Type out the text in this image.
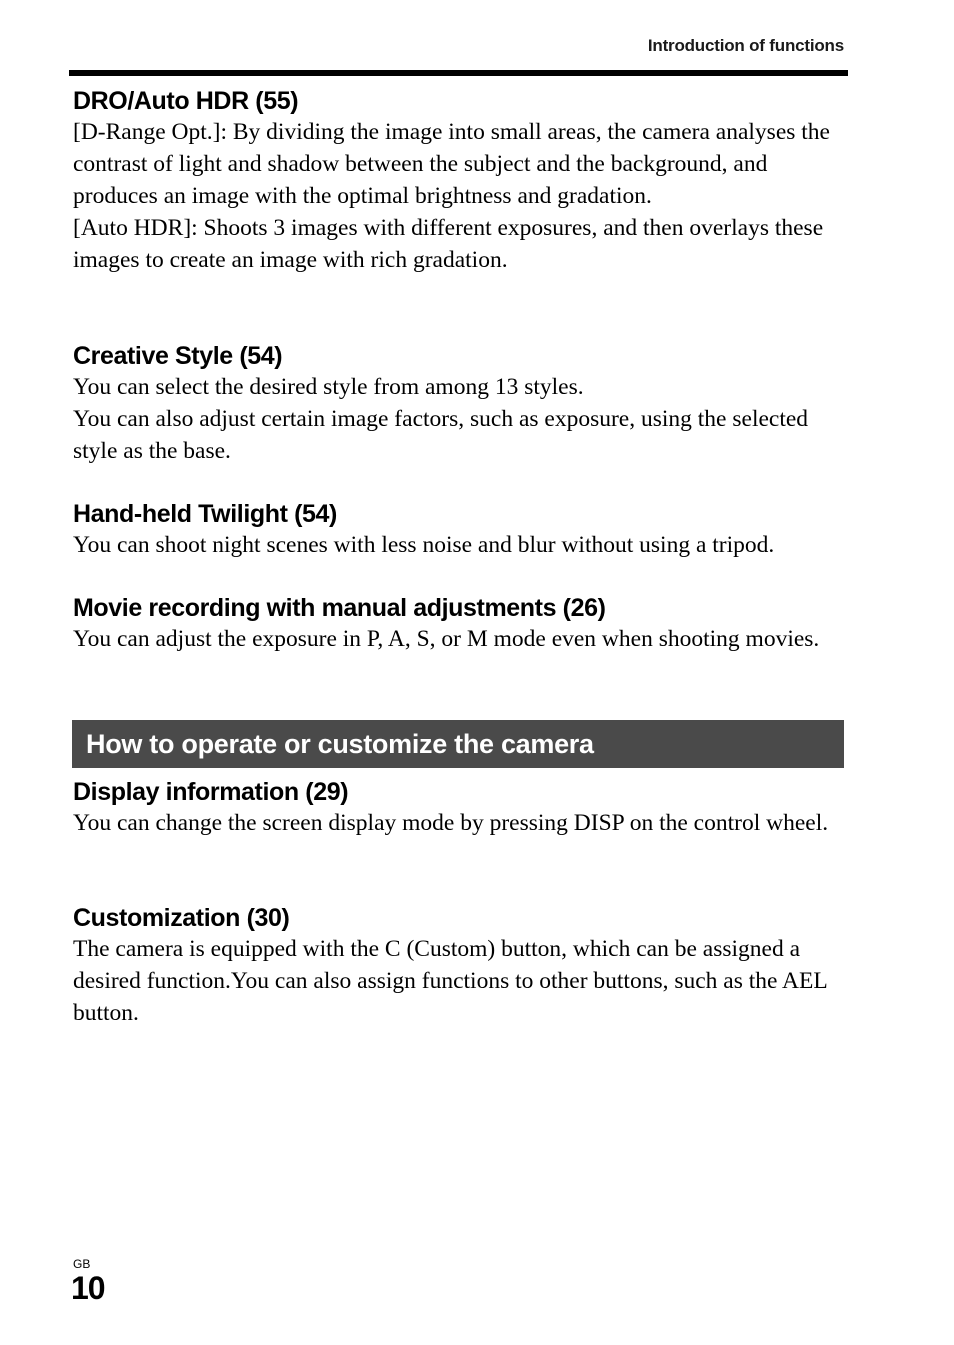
Introduction of functions
DRO/Auto HDR (55)

[D-Range Opt.]: By dividing the image into small areas, the camera analyses the contrast of light and shadow between the subject and the background, and produces an image with the optimal brightness and gradation.

[Auto HDR]: Shoots 3 images with different exposures, and then overlays these images to create an image with rich gradation.

Creative Style (54)

You can select the desired style from among 13 styles.

You can also adjust certain image factors, such as exposure, using the selected style as the base.

Hand-held Twilight (54)

You can shoot night scenes with less noise and blur without using a tripod.

Movie recording with manual adjustments (26)

You can adjust the exposure in P, A, S, or M mode even when shooting movies.

How to operate or customize the camera
Display information (29)

You can change the screen display mode by pressing DISP on the control wheel.

Customization (30)

The camera is equipped with the C (Custom) button, which can be assigned a desired function.You can also assign functions to other buttons, such as the AEL button.

GB
10
